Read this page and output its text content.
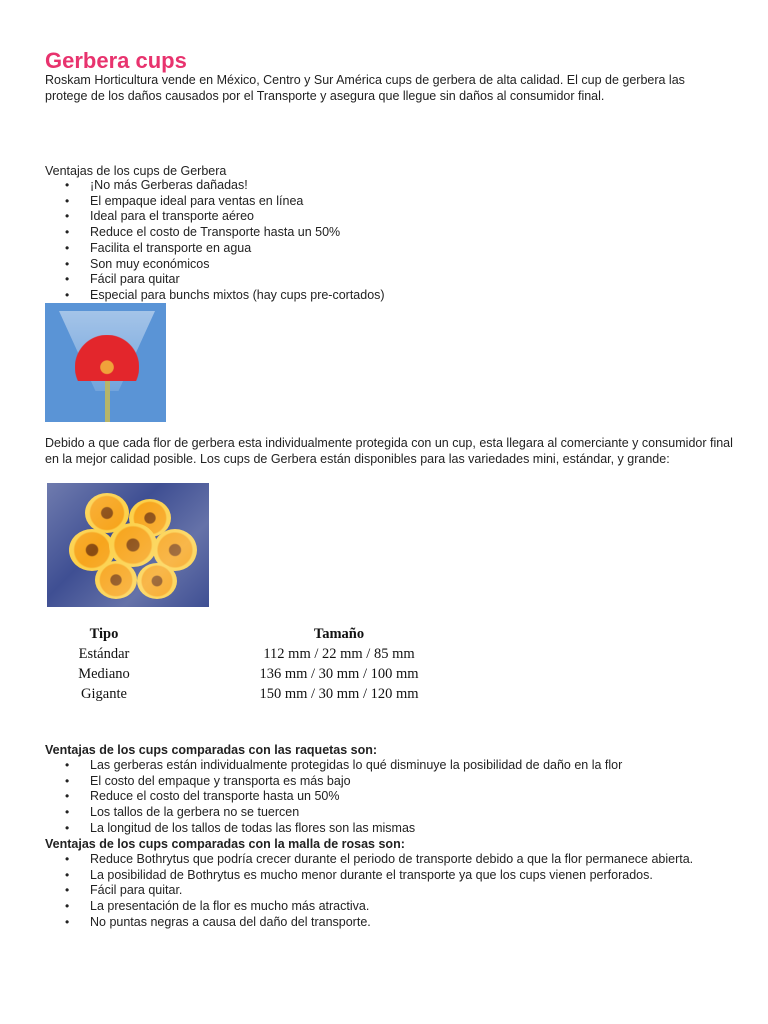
Gerbera cups

Roskam Horticultura vende en México, Centro y Sur América cups de gerbera de alta calidad. El cup de gerbera las protege de los daños causados por el Transporte y asegura que llegue sin daños al consumidor final.

Ventajas de los cups de Gerbera

• ¡No más Gerberas dañadas!
• El empaque ideal para ventas en línea
• Ideal para el transporte aéreo
• Reduce el costo de Transporte hasta un 50%
• Facilita el transporte en agua
• Son muy económicos
• Fácil para quitar
• Especial para bunchs mixtos (hay cups pre-cortados)

Debido a que cada flor de gerbera esta individualmente protegida con un cup, esta llegara al comerciante y consumidor final en la mejor calidad posible. Los cups de Gerbera están disponibles para las variedades mini, estándar, y grande:

Tipo	Tamaño
Estándar	112 mm / 22 mm / 85 mm
Mediano	136 mm / 30 mm / 100 mm
Gigante	150 mm / 30 mm / 120 mm

Ventajas de los cups comparadas con las raquetas son:

• Las gerberas están individualmente protegidas lo qué disminuye la posibilidad de daño en la flor
• El costo del empaque y transporta es más bajo
• Reduce el costo del transporte hasta un 50%
• Los tallos de la gerbera no se tuercen
• La longitud de los tallos de todas las flores son las mismas

Ventajas de los cups comparadas con la malla de rosas son:

• Reduce Bothrytus que podría crecer durante el periodo de transporte debido a que la flor permanece abierta.
• La posibilidad de Bothrytus es mucho menor durante el transporte ya que los cups vienen perforados.
• Fácil para quitar.
• La presentación de la flor es mucho más atractiva.
• No puntas negras a causa del daño del transporte.
